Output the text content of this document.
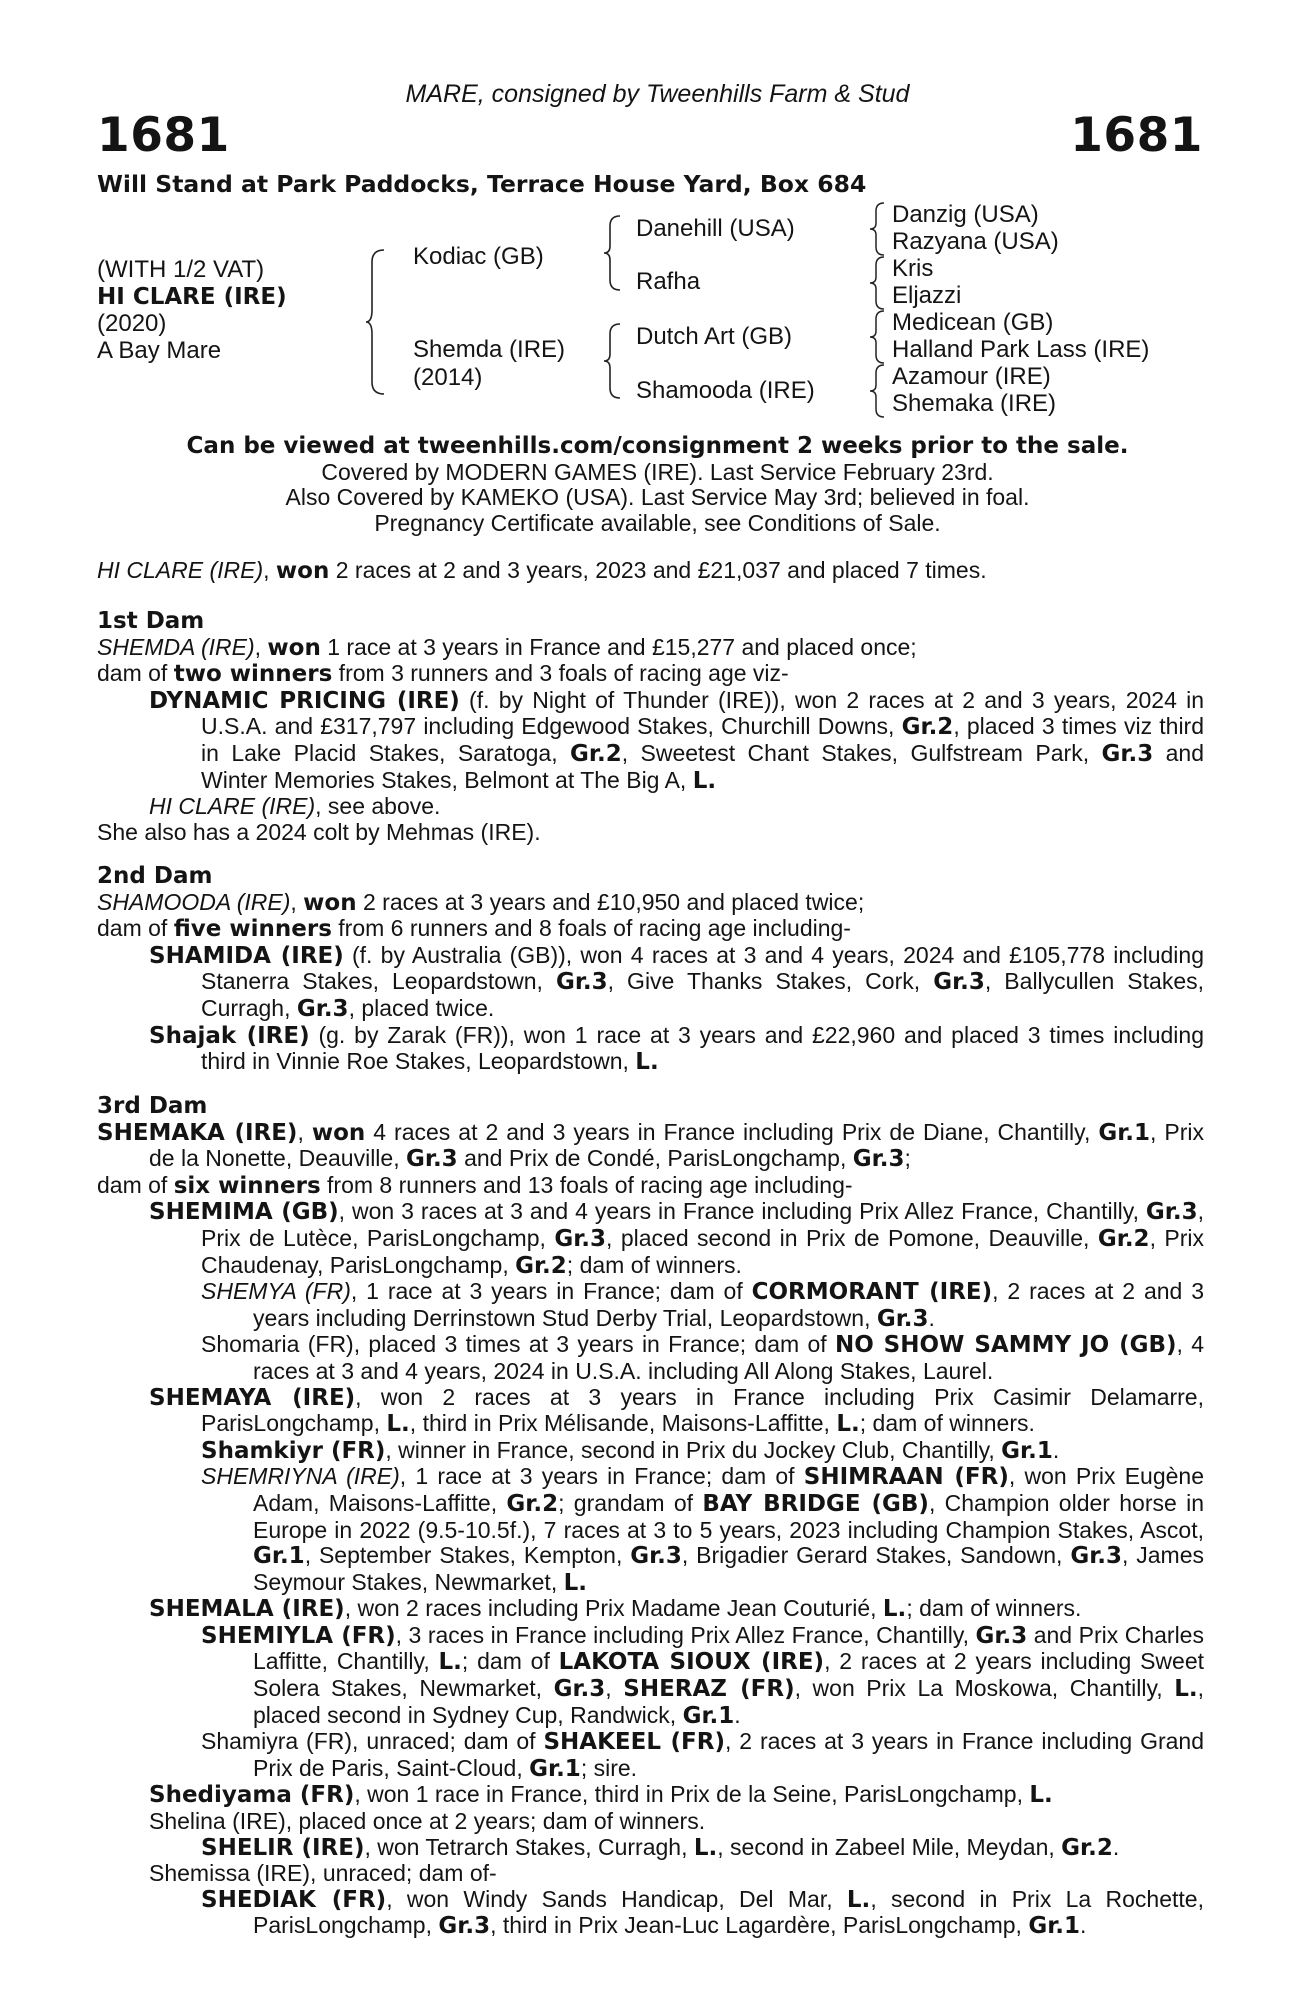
MARE, consigned by Tweenhills Farm & Stud
1681	1681
Will Stand at Park Paddocks, Terrace House Yard, Box 684
(WITH 1/2 VAT)
HI CLARE (IRE)
(2020)
A Bay Mare
Kodiac (GB)
Shemda (IRE)
(2014)
Danehill (USA)
Rafha
Dutch Art (GB)
Shamooda (IRE)
Danzig (USA)
Razyana (USA)
Kris
Eljazzi
Medicean (GB)
Halland Park Lass (IRE)
Azamour (IRE)
Shemaka (IRE)
Can be viewed at tweenhills.com/consignment 2 weeks prior to the sale.
Covered by MODERN GAMES (IRE). Last Service February 23rd.
Also Covered by KAMEKO (USA). Last Service May 3rd; believed in foal.
Pregnancy Certificate available, see Conditions of Sale.

HI CLARE (IRE), won 2 races at 2 and 3 years, 2023 and £21,037 and placed 7 times.

1st Dam

SHEMDA (IRE), won 1 race at 3 years in France and £15,277 and placed once;

dam of two winners from 3 runners and 3 foals of racing age viz-

DYNAMIC PRICING (IRE) (f. by Night of Thunder (IRE)), won 2 races at 2 and 3 years, 2024 in U.S.A. and £317,797 including Edgewood Stakes, Churchill Downs, Gr.2, placed 3 times viz third in Lake Placid Stakes, Saratoga, Gr.2, Sweetest Chant Stakes, Gulfstream Park, Gr.3 and Winter Memories Stakes, Belmont at The Big A, L.

HI CLARE (IRE), see above.

She also has a 2024 colt by Mehmas (IRE).

2nd Dam

SHAMOODA (IRE), won 2 races at 3 years and £10,950 and placed twice;

dam of five winners from 6 runners and 8 foals of racing age including-

SHAMIDA (IRE) (f. by Australia (GB)), won 4 races at 3 and 4 years, 2024 and £105,778 including Stanerra Stakes, Leopardstown, Gr.3, Give Thanks Stakes, Cork, Gr.3, Ballycullen Stakes, Curragh, Gr.3, placed twice.

Shajak (IRE) (g. by Zarak (FR)), won 1 race at 3 years and £22,960 and placed 3 times including third in Vinnie Roe Stakes, Leopardstown, L.

3rd Dam

SHEMAKA (IRE), won 4 races at 2 and 3 years in France including Prix de Diane, Chantilly, Gr.1, Prix de la Nonette, Deauville, Gr.3 and Prix de Condé, ParisLongchamp, Gr.3;

dam of six winners from 8 runners and 13 foals of racing age including-

SHEMIMA (GB), won 3 races at 3 and 4 years in France including Prix Allez France, Chantilly, Gr.3, Prix de Lutèce, ParisLongchamp, Gr.3, placed second in Prix de Pomone, Deauville, Gr.2, Prix Chaudenay, ParisLongchamp, Gr.2; dam of winners.

SHEMYA (FR), 1 race at 3 years in France; dam of CORMORANT (IRE), 2 races at 2 and 3 years including Derrinstown Stud Derby Trial, Leopardstown, Gr.3.

Shomaria (FR), placed 3 times at 3 years in France; dam of NO SHOW SAMMY JO (GB), 4 races at 3 and 4 years, 2024 in U.S.A. including All Along Stakes, Laurel.

SHEMAYA (IRE), won 2 races at 3 years in France including Prix Casimir Delamarre, ParisLongchamp, L., third in Prix Mélisande, Maisons-Laffitte, L.; dam of winners.

Shamkiyr (FR), winner in France, second in Prix du Jockey Club, Chantilly, Gr.1.

SHEMRIYNA (IRE), 1 race at 3 years in France; dam of SHIMRAAN (FR), won Prix Eugène Adam, Maisons-Laffitte, Gr.2; grandam of BAY BRIDGE (GB), Champion older horse in Europe in 2022 (9.5-10.5f.), 7 races at 3 to 5 years, 2023 including Champion Stakes, Ascot, Gr.1, September Stakes, Kempton, Gr.3, Brigadier Gerard Stakes, Sandown, Gr.3, James Seymour Stakes, Newmarket, L.

SHEMALA (IRE), won 2 races including Prix Madame Jean Couturié, L.; dam of winners.

SHEMIYLA (FR), 3 races in France including Prix Allez France, Chantilly, Gr.3 and Prix Charles Laffitte, Chantilly, L.; dam of LAKOTA SIOUX (IRE), 2 races at 2 years including Sweet Solera Stakes, Newmarket, Gr.3, SHERAZ (FR), won Prix La Moskowa, Chantilly, L., placed second in Sydney Cup, Randwick, Gr.1.

Shamiyra (FR), unraced; dam of SHAKEEL (FR), 2 races at 3 years in France including Grand Prix de Paris, Saint-Cloud, Gr.1; sire.

Shediyama (FR), won 1 race in France, third in Prix de la Seine, ParisLongchamp, L.

Shelina (IRE), placed once at 2 years; dam of winners.

SHELIR (IRE), won Tetrarch Stakes, Curragh, L., second in Zabeel Mile, Meydan, Gr.2.

Shemissa (IRE), unraced; dam of-

SHEDIAK (FR), won Windy Sands Handicap, Del Mar, L., second in Prix La Rochette, ParisLongchamp, Gr.3, third in Prix Jean-Luc Lagardère, ParisLongchamp, Gr.1.
